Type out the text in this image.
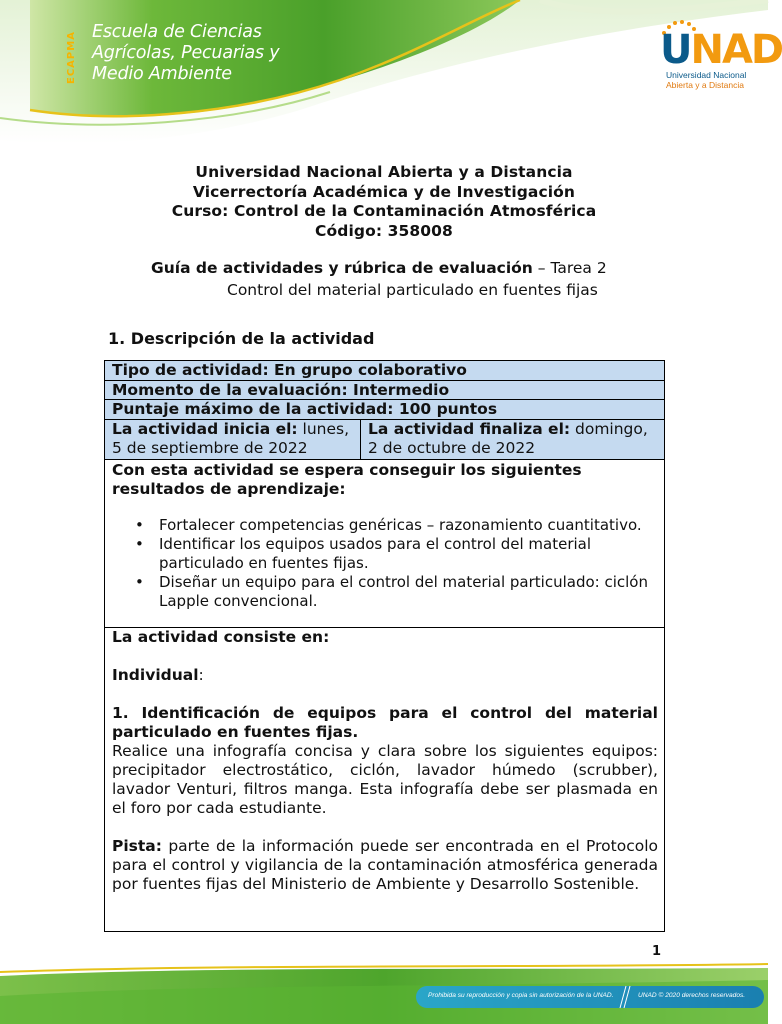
ECAPMA Escuela de Ciencias
Agrícolas, Pecuarias y
Medio Ambiente
UNAD
Universidad Nacional
Abierta y a Distancia
Universidad Nacional Abierta y a Distancia
Vicerrectoría Académica y de Investigación
Curso: Control de la Contaminación Atmosférica
Código: 358008
Guía de actividades y rúbrica de evaluación – Tarea 2
Control del material particulado en fuentes fijas
1. Descripción de la actividad
Tipo de actividad: En grupo colaborativo
Momento de la evaluación: Intermedio
Puntaje máximo de la actividad: 100 puntos
La actividad inicia el: lunes, 5 de septiembre de 2022
La actividad finaliza el: domingo, 2 de octubre de 2022
Con esta actividad se espera conseguir los siguientes resultados de aprendizaje:
• Fortalecer competencias genéricas – razonamiento cuantitativo.
• Identificar los equipos usados para el control del material particulado en fuentes fijas.
• Diseñar un equipo para el control del material particulado: ciclón Lapple convencional.

La actividad consiste en:

Individual:

1. Identificación de equipos para el control del material particulado en fuentes fijas.

Realice una infografía concisa y clara sobre los siguientes equipos: precipitador electrostático, ciclón, lavador húmedo (scrubber), lavador Venturi, filtros manga. Esta infografía debe ser plasmada en el foro por cada estudiante.

Pista: parte de la información puede ser encontrada en el Protocolo para el control y vigilancia de la contaminación atmosférica generada por fuentes fijas del Ministerio de Ambiente y Desarrollo Sostenible.

1
Prohibida su reproducción y copia sin autorización de la UNAD.	UNAD © 2020 derechos reservados.
